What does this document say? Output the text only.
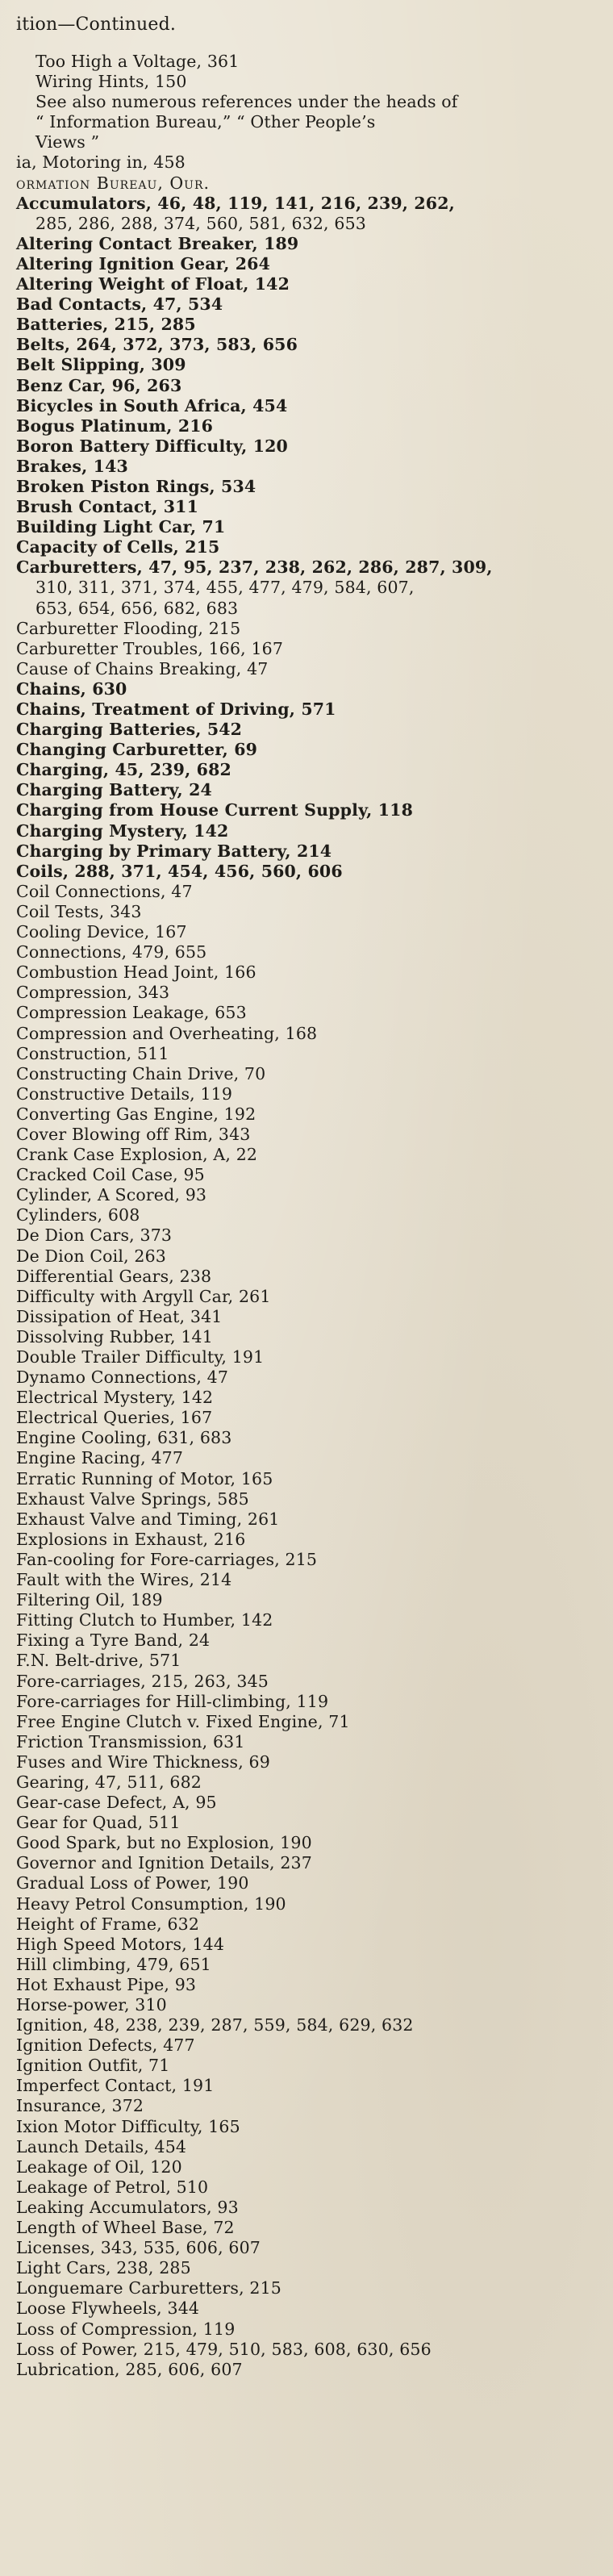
ition—Continued.
Too High a Voltage, 361
Wiring Hints, 150
See also numerous references under the heads of
“ Information Bureau,” “ Other People’s
Views ”
ia, Motoring in, 458
ormation Bureau, Our.
Accumulators, 46, 48, 119, 141, 216, 239, 262,
285, 286, 288, 374, 560, 581, 632, 653
Altering Contact Breaker, 189
Altering Ignition Gear, 264
Altering Weight of Float, 142
Bad Contacts, 47, 534
Batteries, 215, 285
Belts, 264, 372, 373, 583, 656
Belt Slipping, 309
Benz Car, 96, 263
Bicycles in South Africa, 454
Bogus Platinum, 216
Boron Battery Difficulty, 120
Brakes, 143
Broken Piston Rings, 534
Brush Contact, 311
Building Light Car, 71
Capacity of Cells, 215
Carburetters, 47, 95, 237, 238, 262, 286, 287, 309,
310, 311, 371, 374, 455, 477, 479, 584, 607,
653, 654, 656, 682, 683
Carburetter Flooding, 215
Carburetter Troubles, 166, 167
Cause of Chains Breaking, 47
Chains, 630
Chains, Treatment of Driving, 571
Charging Batteries, 542
Changing Carburetter, 69
Charging, 45, 239, 682
Charging Battery, 24
Charging from House Current Supply, 118
Charging Mystery, 142
Charging by Primary Battery, 214
Coils, 288, 371, 454, 456, 560, 606
Coil Connections, 47
Coil Tests, 343
Cooling Device, 167
Connections, 479, 655
Combustion Head Joint, 166
Compression, 343
Compression Leakage, 653
Compression and Overheating, 168
Construction, 511
Constructing Chain Drive, 70
Constructive Details, 119
Converting Gas Engine, 192
Cover Blowing off Rim, 343
Crank Case Explosion, A, 22
Cracked Coil Case, 95
Cylinder, A Scored, 93
Cylinders, 608
De Dion Cars, 373
De Dion Coil, 263
Differential Gears, 238
Difficulty with Argyll Car, 261
Dissipation of Heat, 341
Dissolving Rubber, 141
Double Trailer Difficulty, 191
Dynamo Connections, 47
Electrical Mystery, 142
Electrical Queries, 167
Engine Cooling, 631, 683
Engine Racing, 477
Erratic Running of Motor, 165
Exhaust Valve Springs, 585
Exhaust Valve and Timing, 261
Explosions in Exhaust, 216
Fan-cooling for Fore-carriages, 215
Fault with the Wires, 214
Filtering Oil, 189
Fitting Clutch to Humber, 142
Fixing a Tyre Band, 24
F.N. Belt-drive, 571
Fore-carriages, 215, 263, 345
Fore-carriages for Hill-climbing, 119
Free Engine Clutch v. Fixed Engine, 71
Friction Transmission, 631
Fuses and Wire Thickness, 69
Gearing, 47, 511, 682
Gear-case Defect, A, 95
Gear for Quad, 511
Good Spark, but no Explosion, 190
Governor and Ignition Details, 237
Gradual Loss of Power, 190
Heavy Petrol Consumption, 190
Height of Frame, 632
High Speed Motors, 144
Hill climbing, 479, 651
Hot Exhaust Pipe, 93
Horse-power, 310
Ignition, 48, 238, 239, 287, 559, 584, 629, 632
Ignition Defects, 477
Ignition Outfit, 71
Imperfect Contact, 191
Insurance, 372
Ixion Motor Difficulty, 165
Launch Details, 454
Leakage of Oil, 120
Leakage of Petrol, 510
Leaking Accumulators, 93
Length of Wheel Base, 72
Licenses, 343, 535, 606, 607
Light Cars, 238, 285
Longuemare Carburetters, 215
Loose Flywheels, 344
Loss of Compression, 119
Loss of Power, 215, 479, 510, 583, 608, 630, 656
Lubrication, 285, 606, 607
